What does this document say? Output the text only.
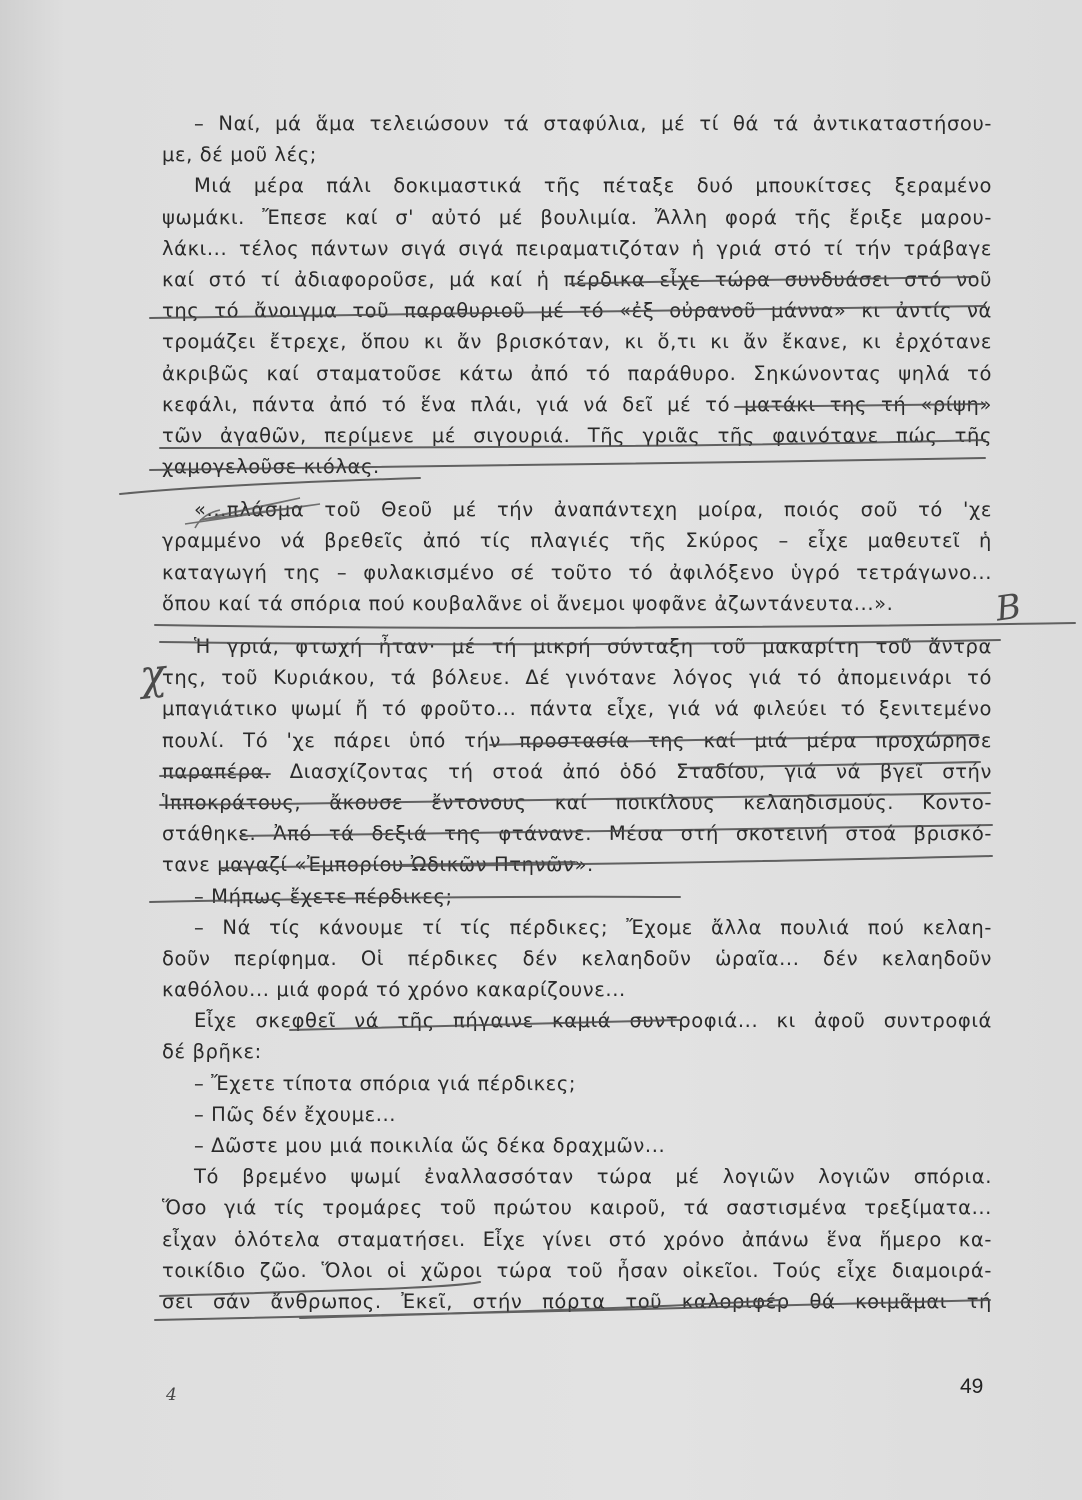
– Ναί, μά ἅμα τελειώσουν τά σταφύλια, μέ τί θά τά ἀντικαταστήσου-
με, δέ μοῦ λές;
Μιά μέρα πάλι δοκιμαστικά τῆς πέταξε δυό μπουκίτσες ξεραμένο
ψωμάκι. Ἔπεσε καί σ' αὐτό μέ βουλιμία. Ἄλλη φορά τῆς ἔριξε μαρου-
λάκι... τέλος πάντων σιγά σιγά πειραματιζόταν ἡ γριά στό τί τήν τράβαγε
καί στό τί ἀδιαφοροῦσε, μά καί ἡ πέρδικα εἶχε τώρα συνδυάσει στό νοῦ
της τό ἄνοιγμα τοῦ παραθυριοῦ μέ τό «ἐξ οὐρανοῦ μάννα» κι ἀντίς νά
τρομάζει ἔτρεχε, ὅπου κι ἄν βρισκόταν, κι ὅ,τι κι ἄν ἔκανε, κι ἐρχότανε
ἀκριβῶς καί σταματοῦσε κάτω ἀπό τό παράθυρο. Σηκώνοντας ψηλά τό
κεφάλι, πάντα ἀπό τό ἕνα πλάι, γιά νά δεῖ μέ τό ματάκι της τή «ρίψη»
τῶν ἀγαθῶν, περίμενε μέ σιγουριά. Τῆς γριᾶς τῆς φαινότανε πώς τῆς
χαμογελοῦσε κιόλας.
«...πλάσμα τοῦ Θεοῦ μέ τήν ἀναπάντεχη μοίρα, ποιός σοῦ τό 'χε
γραμμένο νά βρεθεῖς ἀπό τίς πλαγιές τῆς Σκύρος – εἶχε μαθευτεῖ ἡ
καταγωγή της – φυλακισμένο σέ τοῦτο τό ἀφιλόξενο ὑγρό τετράγωνο...
ὅπου καί τά σπόρια πού κουβαλᾶνε οἱ ἄνεμοι ψοφᾶνε ἀζωντάνευτα...».
Ἡ γριά, φτωχή ἦταν· μέ τή μικρή σύνταξη τοῦ μακαρίτη τοῦ ἄντρα
της, τοῦ Κυριάκου, τά βόλευε. Δέ γινότανε λόγος γιά τό ἀπομεινάρι τό
μπαγιάτικο ψωμί ἤ τό φροῦτο... πάντα εἶχε, γιά νά φιλεύει τό ξενιτεμένο
πουλί. Τό 'χε πάρει ὑπό τήν προστασία της καί μιά μέρα προχώρησε
παραπέρα. Διασχίζοντας τή στοά ἀπό ὁδό Σταδίου, γιά νά βγεῖ στήν
Ἱπποκράτους, ἄκουσε ἔντονους καί ποικίλους κελαηδισμούς. Κοντο-
στάθηκε. Ἀπό τά δεξιά της φτάνανε. Μέσα στή σκοτεινή στοά βρισκό-
τανε μαγαζί «Ἐμπορίου Ὠδικῶν Πτηνῶν».
– Μήπως ἔχετε πέρδικες;
– Νά τίς κάνουμε τί τίς πέρδικες; Ἔχομε ἄλλα πουλιά πού κελαη-
δοῦν περίφημα. Οἱ πέρδικες δέν κελαηδοῦν ὡραῖα... δέν κελαηδοῦν
καθόλου... μιά φορά τό χρόνο κακαρίζουνε...
Εἶχε σκεφθεῖ νά τῆς πήγαινε καμιά συντροφιά... κι ἀφοῦ συντροφιά
δέ βρῆκε:
– Ἔχετε τίποτα σπόρια γιά πέρδικες;
– Πῶς δέν ἔχουμε...
– Δῶστε μου μιά ποικιλία ὥς δέκα δραχμῶν...
Τό βρεμένο ψωμί ἐναλλασσόταν τώρα μέ λογιῶν λογιῶν σπόρια.
Ὅσο γιά τίς τρομάρες τοῦ πρώτου καιροῦ, τά σαστισμένα τρεξίματα...
εἶχαν ὁλότελα σταματήσει. Εἶχε γίνει στό χρόνο ἀπάνω ἕνα ἥμερο κα-
τοικίδιο ζῶο. Ὅλοι οἱ χῶροι τώρα τοῦ ἦσαν οἰκεῖοι. Τούς εἶχε διαμοιρά-
σει σάν ἄνθρωπος. Ἐκεῖ, στήν πόρτα τοῦ καλοριφέρ θά κοιμᾶμαι τή
B
χ
4	49
